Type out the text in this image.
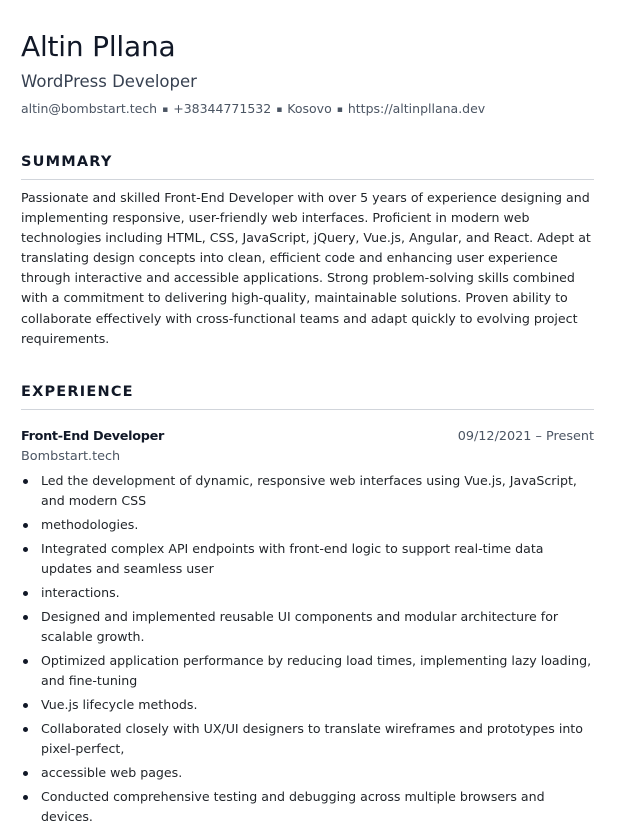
Altin Pllana
WordPress Developer
altin@bombstart.tech ▪ +38344771532 ▪ Kosovo ▪ https://altinpllana.dev
SUMMARY

Passionate and skilled Front-End Developer with over 5 years of experience designing and implementing responsive, user-friendly web interfaces. Proficient in modern web technologies including HTML, CSS, JavaScript, jQuery, Vue.js, Angular, and React. Adept at translating design concepts into clean, efficient code and enhancing user experience through interactive and accessible applications. Strong problem-solving skills combined with a commitment to delivering high-quality, maintainable solutions. Proven ability to collaborate effectively with cross-functional teams and adapt quickly to evolving project requirements.

EXPERIENCE
Front-End Developer	09/12/2021 – Present
Bombstart.tech
Led the development of dynamic, responsive web interfaces using Vue.js, JavaScript, and modern CSS
methodologies.
Integrated complex API endpoints with front-end logic to support real-time data updates and seamless user
interactions.
Designed and implemented reusable UI components and modular architecture for scalable growth.
Optimized application performance by reducing load times, implementing lazy loading, and fine-tuning
Vue.js lifecycle methods.
Collaborated closely with UX/UI designers to translate wireframes and prototypes into pixel-perfect,
accessible web pages.
Conducted comprehensive testing and debugging across multiple browsers and devices.
